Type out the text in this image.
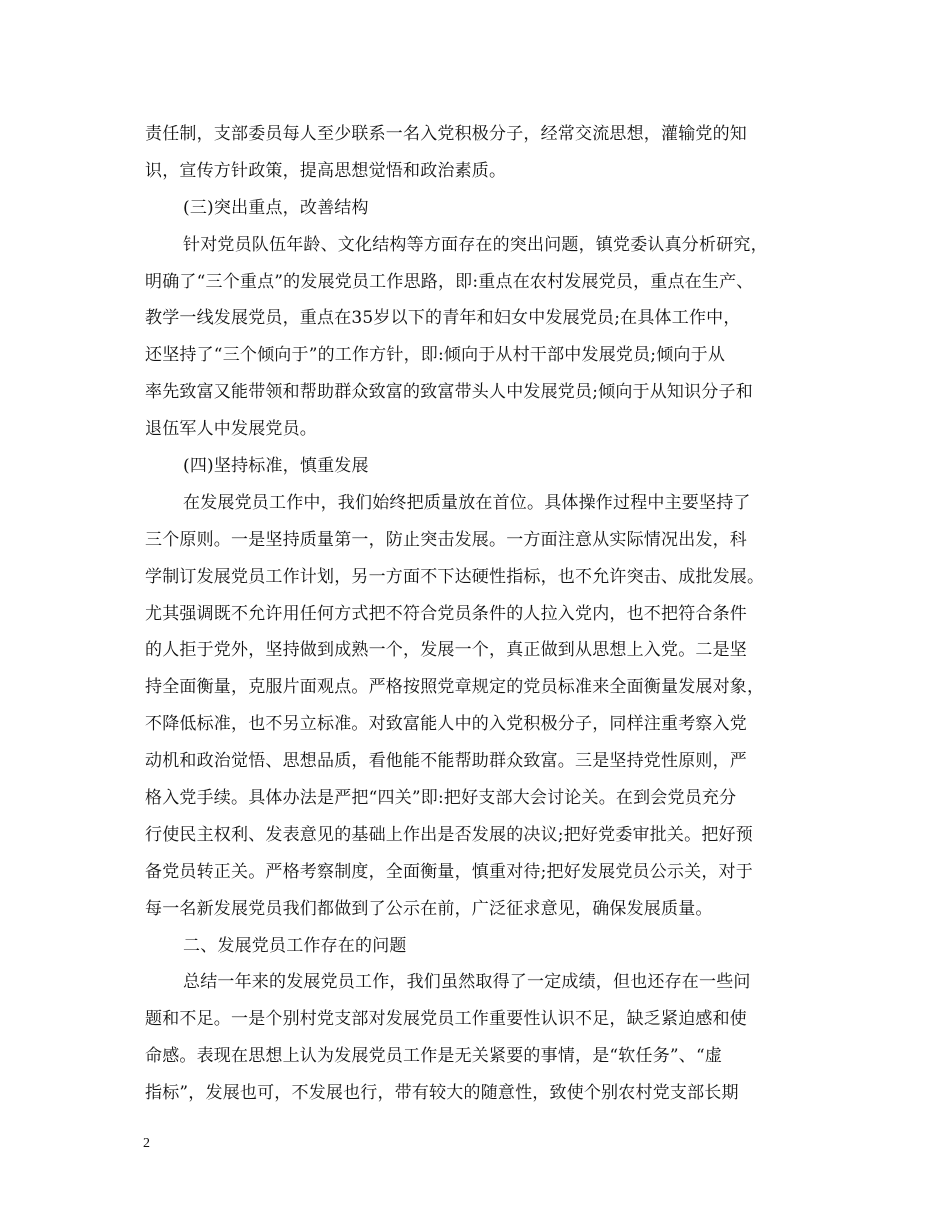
责任制，支部委员每人至少联系一名入党积极分子，经常交流思想，灌输党的知
识，宣传方针政策，提高思想觉悟和政治素质。
(三)突出重点，改善结构
针对党员队伍年龄、文化结构等方面存在的突出问题，镇党委认真分析研究，
明确了“三个重点”的发展党员工作思路，即:重点在农村发展党员，重点在生产、
教学一线发展党员，重点在35岁以下的青年和妇女中发展党员;在具体工作中，
还坚持了“三个倾向于”的工作方针，即:倾向于从村干部中发展党员;倾向于从
率先致富又能带领和帮助群众致富的致富带头人中发展党员;倾向于从知识分子和
退伍军人中发展党员。
(四)坚持标准，慎重发展
在发展党员工作中，我们始终把质量放在首位。具体操作过程中主要坚持了
三个原则。一是坚持质量第一，防止突击发展。一方面注意从实际情况出发，科
学制订发展党员工作计划，另一方面不下达硬性指标，也不允许突击、成批发展。
尤其强调既不允许用任何方式把不符合党员条件的人拉入党内，也不把符合条件
的人拒于党外，坚持做到成熟一个，发展一个，真正做到从思想上入党。二是坚
持全面衡量，克服片面观点。严格按照党章规定的党员标准来全面衡量发展对象，
不降低标准，也不另立标准。对致富能人中的入党积极分子，同样注重考察入党
动机和政治觉悟、思想品质，看他能不能帮助群众致富。三是坚持党性原则，严
格入党手续。具体办法是严把“四关”即:把好支部大会讨论关。在到会党员充分
行使民主权利、发表意见的基础上作出是否发展的决议;把好党委审批关。把好预
备党员转正关。严格考察制度，全面衡量，慎重对待;把好发展党员公示关，对于
每一名新发展党员我们都做到了公示在前，广泛征求意见，确保发展质量。
二、发展党员工作存在的问题
总结一年来的发展党员工作，我们虽然取得了一定成绩，但也还存在一些问
题和不足。一是个别村党支部对发展党员工作重要性认识不足，缺乏紧迫感和使
命感。表现在思想上认为发展党员工作是无关紧要的事情，是“软任务”、“虚
指标”，发展也可，不发展也行，带有较大的随意性，致使个别农村党支部长期
2
